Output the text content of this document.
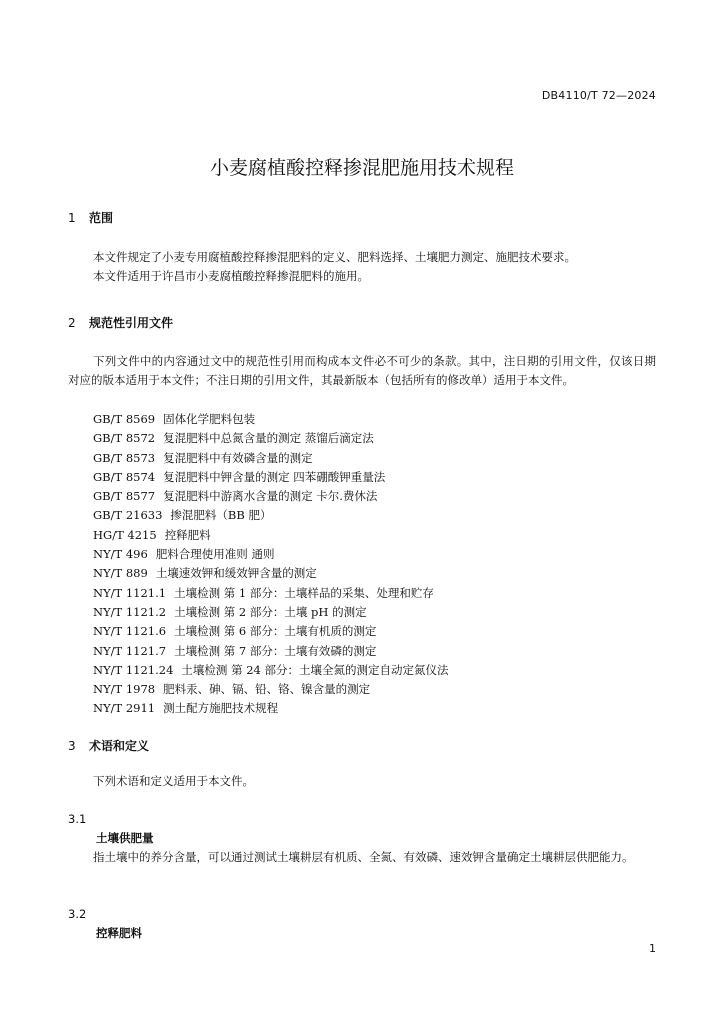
DB4110/T 72—2024
小麦腐植酸控释掺混肥施用技术规程
1 范围
本文件规定了小麦专用腐植酸控释掺混肥料的定义、肥料选择、土壤肥力测定、施肥技术要求。
本文件适用于许昌市小麦腐植酸控释掺混肥料的施用。
2 规范性引用文件
下列文件中的内容通过文中的规范性引用而构成本文件必不可少的条款。其中，注日期的引用文件，仅该日期对应的版本适用于本文件；不注日期的引用文件，其最新版本（包括所有的修改单）适用于本文件。
GB/T 8569 固体化学肥料包装
GB/T 8572 复混肥料中总氮含量的测定 蒸馏后滴定法
GB/T 8573 复混肥料中有效磷含量的测定
GB/T 8574 复混肥料中钾含量的测定 四苯硼酸钾重量法
GB/T 8577 复混肥料中游离水含量的测定 卡尔.费休法
GB/T 21633 掺混肥料（BB 肥）
HG/T 4215 控释肥料
NY/T 496 肥料合理使用准则 通则
NY/T 889 土壤速效钾和缓效钾含量的测定
NY/T 1121.1 土壤检测 第 1 部分：土壤样品的采集、处理和贮存
NY/T 1121.2 土壤检测 第 2 部分：土壤 pH 的测定
NY/T 1121.6 土壤检测 第 6 部分：土壤有机质的测定
NY/T 1121.7 土壤检测 第 7 部分：土壤有效磷的测定
NY/T 1121.24 土壤检测 第 24 部分：土壤全氮的测定自动定氮仪法
NY/T 1978 肥料汞、砷、镉、铅、铬、镍含量的测定
NY/T 2911 测土配方施肥技术规程
3 术语和定义
下列术语和定义适用于本文件。
3.1
土壤供肥量
指土壤中的养分含量，可以通过测试土壤耕层有机质、全氮、有效磷、速效钾含量确定土壤耕层供肥能力。
3.2
控释肥料
1
